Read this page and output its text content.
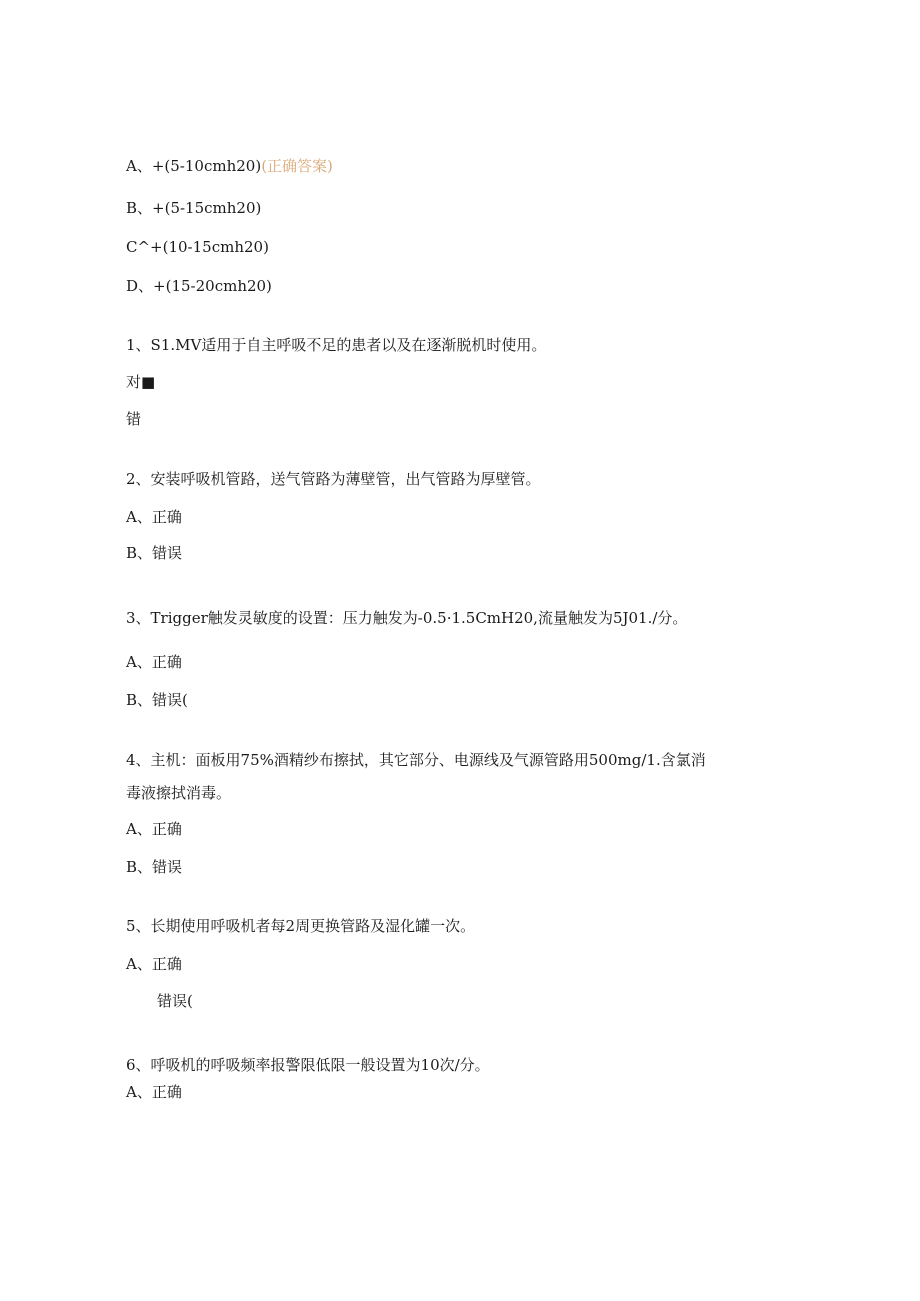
A、+(5-10cmh20)(正确答案)
B、+(5-15cmh20)
C^+(10-15cmh20)
D、+(15-20cmh20)
1、S1.MV适用于自主呼吸不足的患者以及在逐渐脱机时使用。
对■
错
2、安装呼吸机管路，送气管路为薄壁管，出气管路为厚壁管。
A、正确
B、错误
3、Trigger触发灵敏度的设置：压力触发为-0.5·1.5CmH20,流量触发为5J01./分。
A、正确
B、错误(
4、主机：面板用75%酒精纱布擦拭，其它部分、电源线及气源管路用500mg/1.含氯消
毒液擦拭消毒。
A、正确
B、错误
5、长期使用呼吸机者每2周更换管路及湿化罐一次。
A、正确
错误(
6、呼吸机的呼吸频率报警限低限一般设置为10次/分。
A、正确
